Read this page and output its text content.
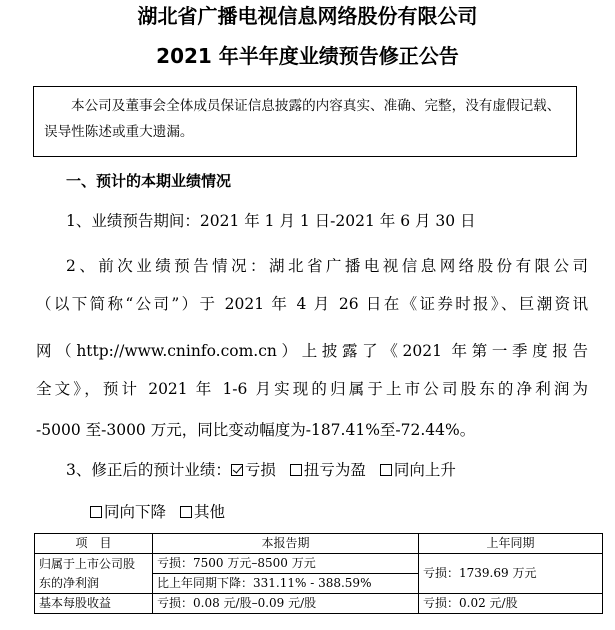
湖北省广播电视信息网络股份有限公司
2021 年半年度业绩预告修正公告
本公司及董事会全体成员保证信息披露的内容真实、准确、完整，没有虚假记载、误导性陈述或重大遗漏。
一、预计的本期业绩情况
1、业绩预告期间：2021 年 1 月 1 日-2021 年 6 月 30 日
2、前次业绩预告情况：湖北省广播电视信息网络股份有限公司
（以下简称“公司”）于 2021 年 4 月 26 日在《证券时报》、巨潮资讯
网（http://www.cninfo.com.cn）上披露了《2021 年第一季度报告
全文》，预计 2021 年 1-6 月实现的归属于上市公司股东的净利润为
-5000 至-3000 万元，同比变动幅度为-187.41%至-72.44%。
3、修正后的预计业绩： 亏损 扭亏为盈 同向上升
同向下降 其他
项　目	本报告期	上年同期
归属于上市公司股
东的净利润	亏损：7500 万元–8500 万元	亏损：1739.69 万元
	比上年同期下降：331.11% - 388.59%	
基本每股收益	亏损：0.08 元/股–0.09 元/股	亏损：0.02 元/股
